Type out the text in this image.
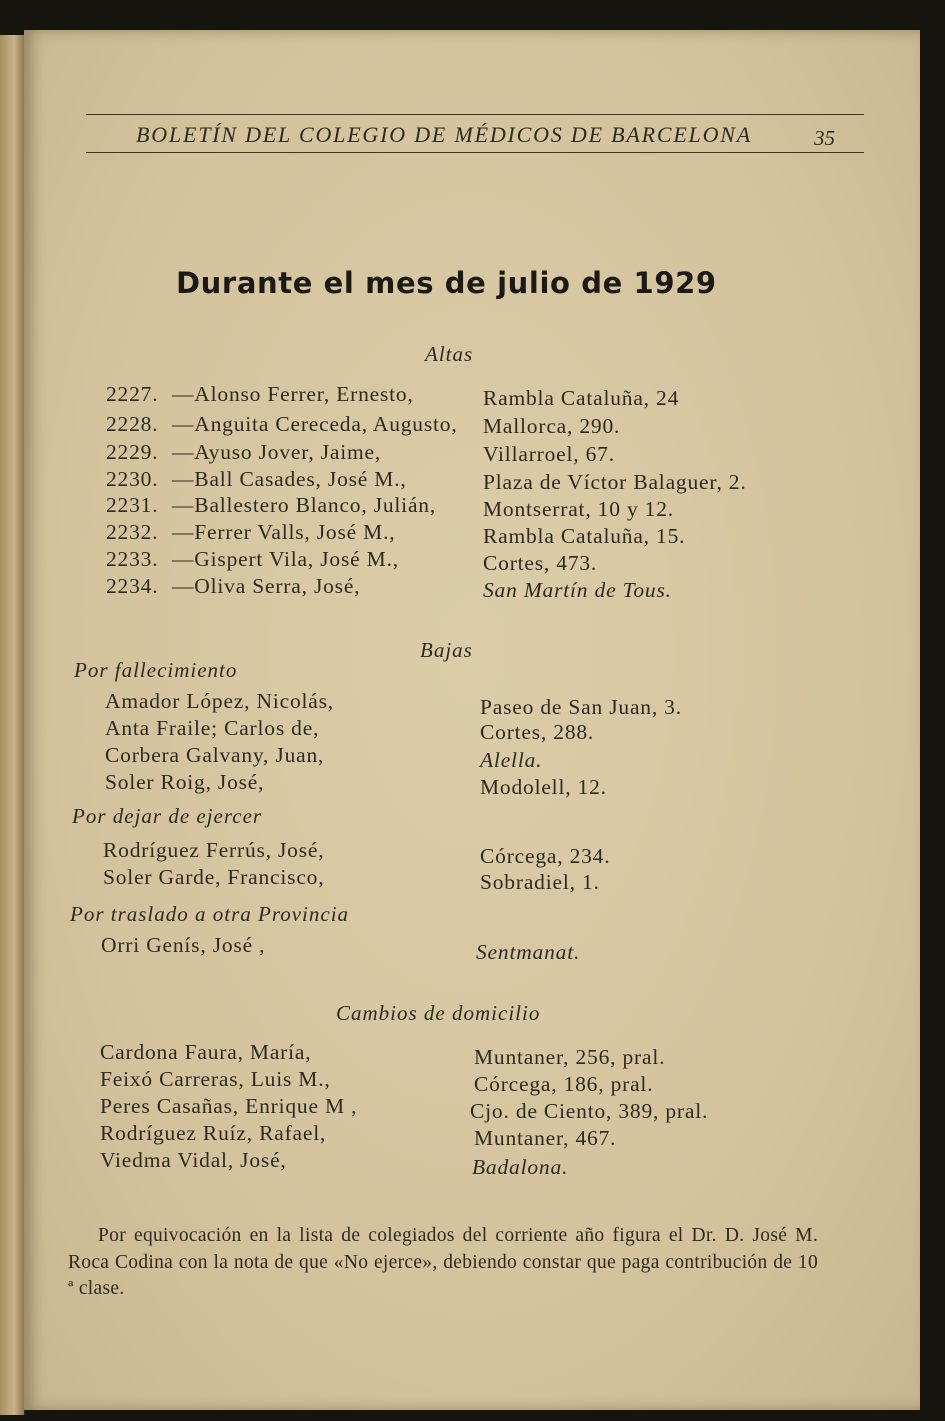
BOLETÍN DEL COLEGIO DE MÉDICOS DE BARCELONA	35
Durante el mes de julio de 1929
Altas
2227. —Alonso Ferrer, Ernesto,	Rambla Cataluña, 24
2228. —Anguita Cereceda, Augusto, Mallorca, 290.
2229. —Ayuso Jover, Jaime,	Villarroel, 67.
2230. —Ball Casades, José M.,	Plaza de Víctor Balaguer, 2.
2231. —Ballestero Blanco, Julián, Montserrat, 10 y 12.
2232. —Ferrer Valls, José M.,	Rambla Cataluña, 15.
2233. —Gispert Vila, José M.,	Cortes, 473.
2234. —Oliva Serra, José,	San Martín de Tous.
Bajas
Por fallecimiento
Amador López, Nicolás,	Paseo de San Juan, 3.
Anta Fraile; Carlos de,	Cortes, 288.
Corbera Galvany, Juan,	Alella.
Soler Roig, José,	Modolell, 12.
Por dejar de ejercer
Rodríguez Ferrús, José,	Córcega, 234.
Soler Garde, Francisco,	Sobradiel, 1.
Por traslado a otra Provincia
Orri Genís, José ,	Sentmanat.
Cambios de domicilio
Cardona Faura, María,	Muntaner, 256, pral.
Feixó Carreras, Luis M.,	Córcega, 186, pral.
Peres Casañas, Enrique M ,	Cjo. de Ciento, 389, pral.
Rodríguez Ruíz, Rafael,	Muntaner, 467.
Viedma Vidal, José,	Badalona.
Por equivocación en la lista de colegiados del corriente año figura el Dr. D. José M. Roca Codina con la nota de que «No ejerce», debiendo constar que paga contribución de 10 ª clase.
